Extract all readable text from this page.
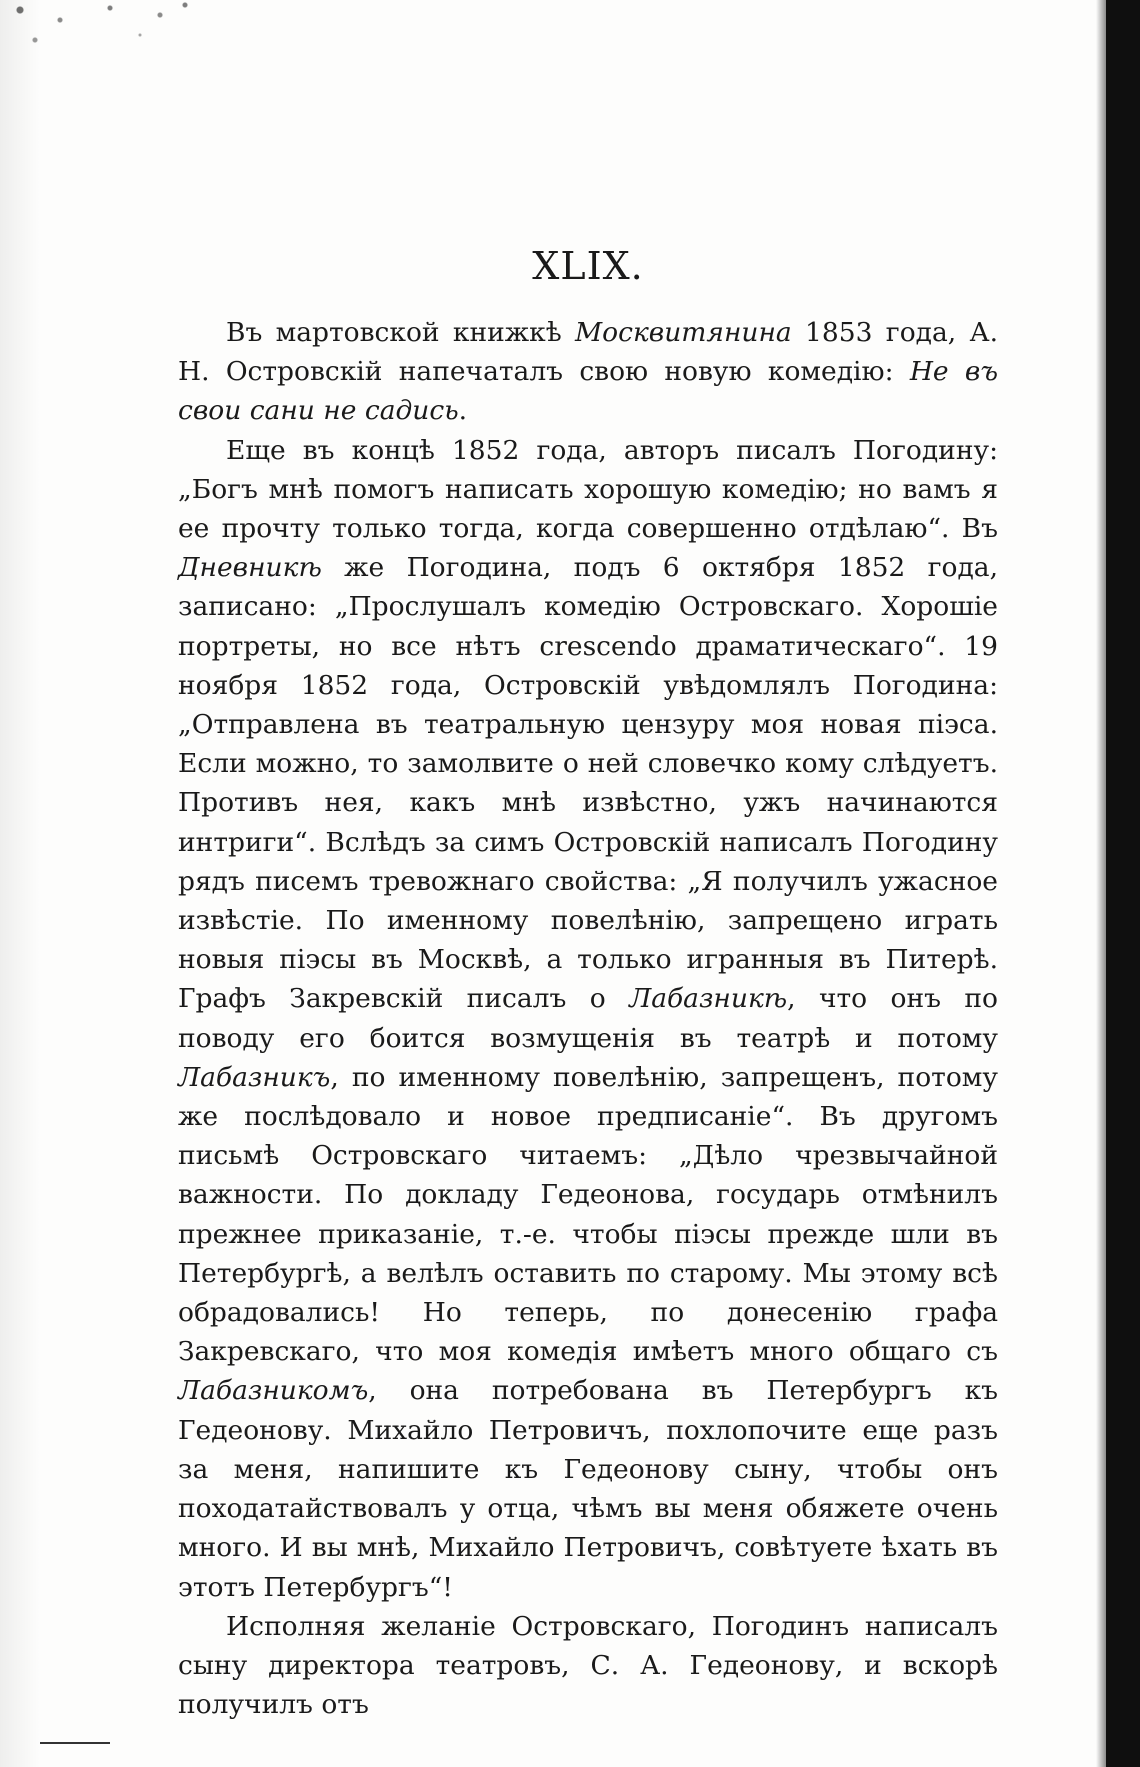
XLIX.

Въ мартовской книжкѣ Москвитянина 1853 года, А. Н. Островскій напечаталъ свою новую комедію: Не въ свои сани не садись.

Еще въ концѣ 1852 года, авторъ писалъ Погодину: „Богъ мнѣ помогъ написать хорошую комедію; но вамъ я ее прочту только тогда, когда совершенно отдѣлаю“. Въ Дневникѣ же Погодина, подъ 6 октября 1852 года, записано: „Прослушалъ комедію Островскаго. Хорошіе портреты, но все нѣтъ crescendo драматическаго“. 19 ноября 1852 года, Островскій увѣдомлялъ Погодина: „Отправлена въ театральную цензуру моя новая піэса. Если можно, то замолвите о ней словечко кому слѣдуетъ. Противъ нея, какъ мнѣ извѣстно, ужъ начинаются интриги“. Вслѣдъ за симъ Островскій написалъ Погодину рядъ писемъ тревожнаго свойства: „Я получилъ ужасное извѣстіе. По именному повелѣнію, запрещено играть новыя піэсы въ Москвѣ, а только игранныя въ Питерѣ. Графъ Закревскій писалъ о Лабазникѣ, что онъ по поводу его боится возмущенія въ театрѣ и потому Лабазникъ, по именному повелѣнію, запрещенъ, потому же послѣдовало и новое предписаніе“. Въ другомъ письмѣ Островскаго читаемъ: „Дѣло чрезвычайной важности. По докладу Гедеонова, государь отмѣнилъ прежнее приказаніе, т.-е. чтобы піэсы прежде шли въ Петербургѣ, а велѣлъ оставить по старому. Мы этому всѣ обрадовались! Но теперь, по донесенію графа Закревскаго, что моя комедія имѣетъ много общаго съ Лабазникомъ, она потребована въ Петербургъ къ Гедеонову. Михайло Петровичъ, похлопочите еще разъ за меня, напишите къ Гедеонову сыну, чтобы онъ походатайствовалъ у отца, чѣмъ вы меня обяжете очень много. И вы мнѣ, Михайло Петровичъ, совѣтуете ѣхать въ этотъ Петербургъ“!

Исполняя желаніе Островскаго, Погодинъ написалъ сыну директора театровъ, С. А. Гедеонову, и вскорѣ получилъ отъ
